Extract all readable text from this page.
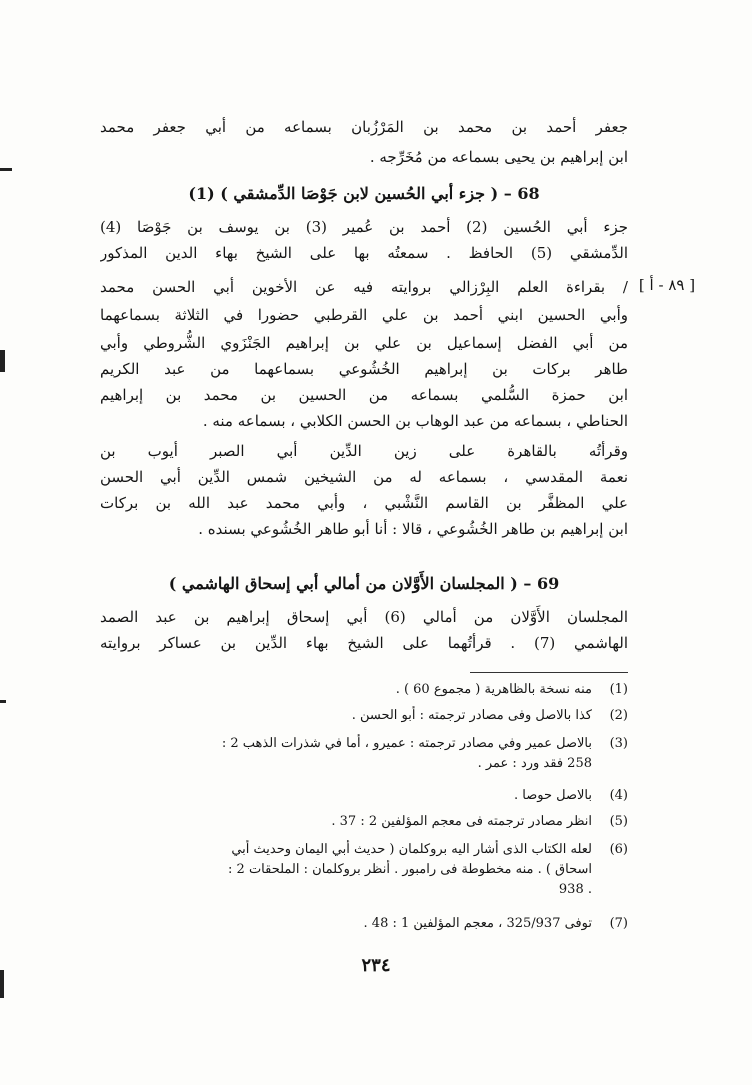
جعفر أحمد بن محمد بن المَرْزُبان بسماعه من أبي جعفر محمد
ابن إبراهيم بن يحيى بسماعه من مُخَرِّجه .
68 – ( جزء أبي الحُسين لابن جَوْصَا الدِّمشقي ) (1)
جزء أبي الحُسين (2) أحمد بن عُمير (3) بن يوسف بن جَوْصَا (4)
الدِّمشقي (5) الحافظ . سمعتُه بها على الشيخ بهاء الدين المذكور
/ بقراءة العلم البِرْزالي بروايته فيه عن الأخوين أبي الحسن محمد
وأبي الحسين ابني أحمد بن علي القرطبي حضورا في الثلاثة بسماعهما
من أبي الفضل إسماعيل بن علي بن إبراهيم الجَنْزَوي الشُّروطي وأبي
طاهر بركات بن إبراهيم الخُشُوعي بسماعهما من عبد الكريم
ابن حمزة السُّلمي بسماعه من الحسين بن محمد بن إبراهيم
الحناطي ، بسماعه من عبد الوهاب بن الحسن الكلابي ، بسماعه منه .
وقرأتُه بالقاهرة على زين الدِّين أبي الصبر أيوب بن
نعمة المقدسي ، بسماعه له من الشيخين شمس الدِّين أبي الحسن
علي المظفَّر بن القاسم النَّشْبي ، وأبي محمد عبد الله بن بركات
ابن إبراهيم بن طاهر الخُشُوعي ، قالا : أنا أبو طاهر الخُشُوعي بسنده .
[ ٨٩ - أ ]
69 – ( المجلسان الأَوَّلان من أمالي أبي إسحاق الهاشمي )
المجلسان الأَوَّلان من أمالي (6) أبي إسحاق إبراهيم بن عبد الصمد
الهاشمي (7) . قرأتُهما على الشيخ بهاء الدِّين بن عساكر بروايته
(1)
منه نسخة بالظاهرية ( مجموع 60 ) .
(2)
كذا بالاصل وفى مصادر ترجمته : أبو الحسن .
(3)
بالاصل عمير وفي مصادر ترجمته : عميرو ، أما في شذرات الذهب 2 :
258 فقد ورد : عمر .
(4)
بالاصل حوصا .
(5)
انظر مصادر ترجمته فى معجم المؤلفين 2 : 37 .
(6)
لعله الكتاب الذى أشار اليه بروكلمان ( حديث أبي اليمان وحديث أبي
اسحاق ) . منه مخطوطة فى رامبور . أنظر بروكلمان : الملحقات 2 :
. 938
(7)
توفى 325/937 ، معجم المؤلفين 1 : 48 .
٢٣٤
